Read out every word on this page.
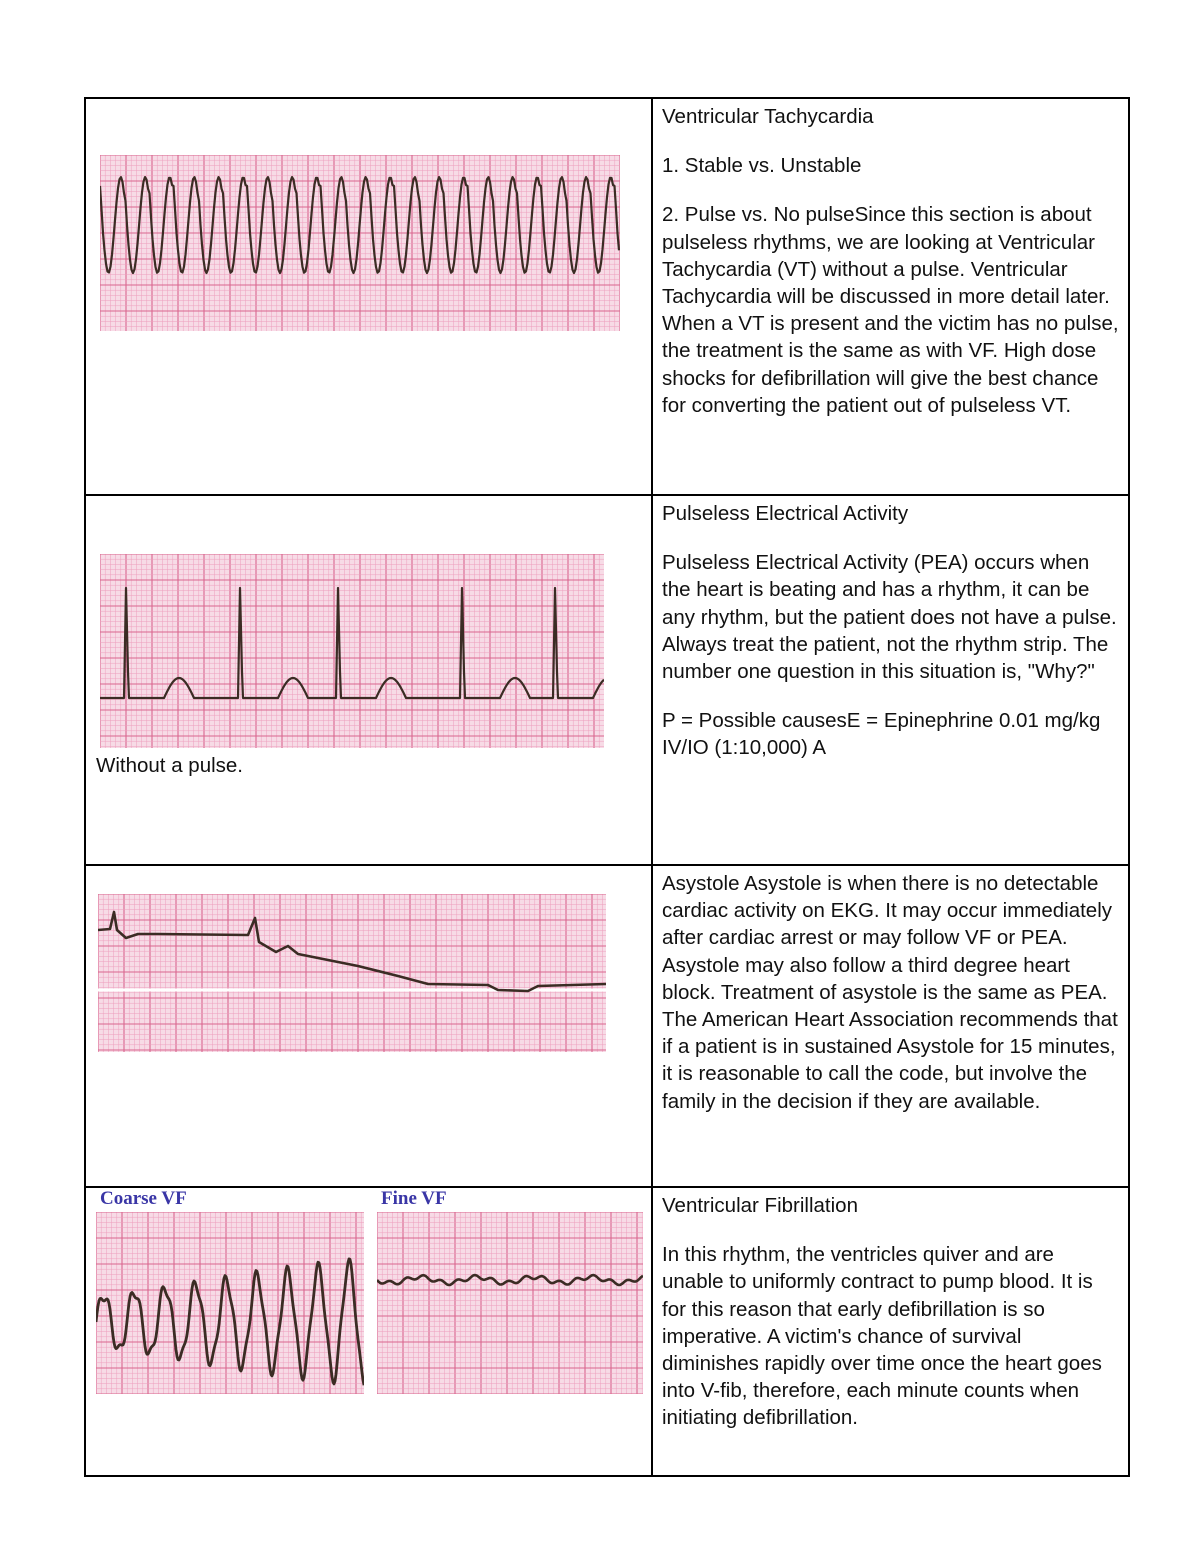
Ventricular Tachycardia

1. Stable vs. Unstable

2. Pulse vs. No pulseSince this section is about pulseless rhythms, we are looking at Ventricular Tachycardia (VT) without a pulse. Ventricular Tachycardia will be discussed in more detail later. When a VT is present and the victim has no pulse, the treatment is the same as with VF. High dose shocks for defibrillation will give the best chance for converting the patient out of pulseless VT.

Without a pulse.

Pulseless Electrical Activity

Pulseless Electrical Activity (PEA) occurs when the heart is beating and has a rhythm, it can be any rhythm, but the patient does not have a pulse. Always treat the patient, not the rhythm strip. The number one question in this situation is, "Why?"

P = Possible causesE = Epinephrine 0.01 mg/kg IV/IO (1:10,000) A

Asystole Asystole is when there is no detectable cardiac activity on EKG. It may occur immediately after cardiac arrest or may follow VF or PEA. Asystole may also follow a third degree heart block. Treatment of asystole is the same as PEA. The American Heart Association recommends that if a patient is in sustained Asystole for 15 minutes, it is reasonable to call the code, but involve the family in the decision if they are available.

Coarse VF	Fine VF	Ventricular Fibrillation

In this rhythm, the ventricles quiver and are unable to uniformly contract to pump blood. It is for this reason that early defibrillation is so imperative. A victim's chance of survival diminishes rapidly over time once the heart goes into V-fib, therefore, each minute counts when initiating defibrillation.
